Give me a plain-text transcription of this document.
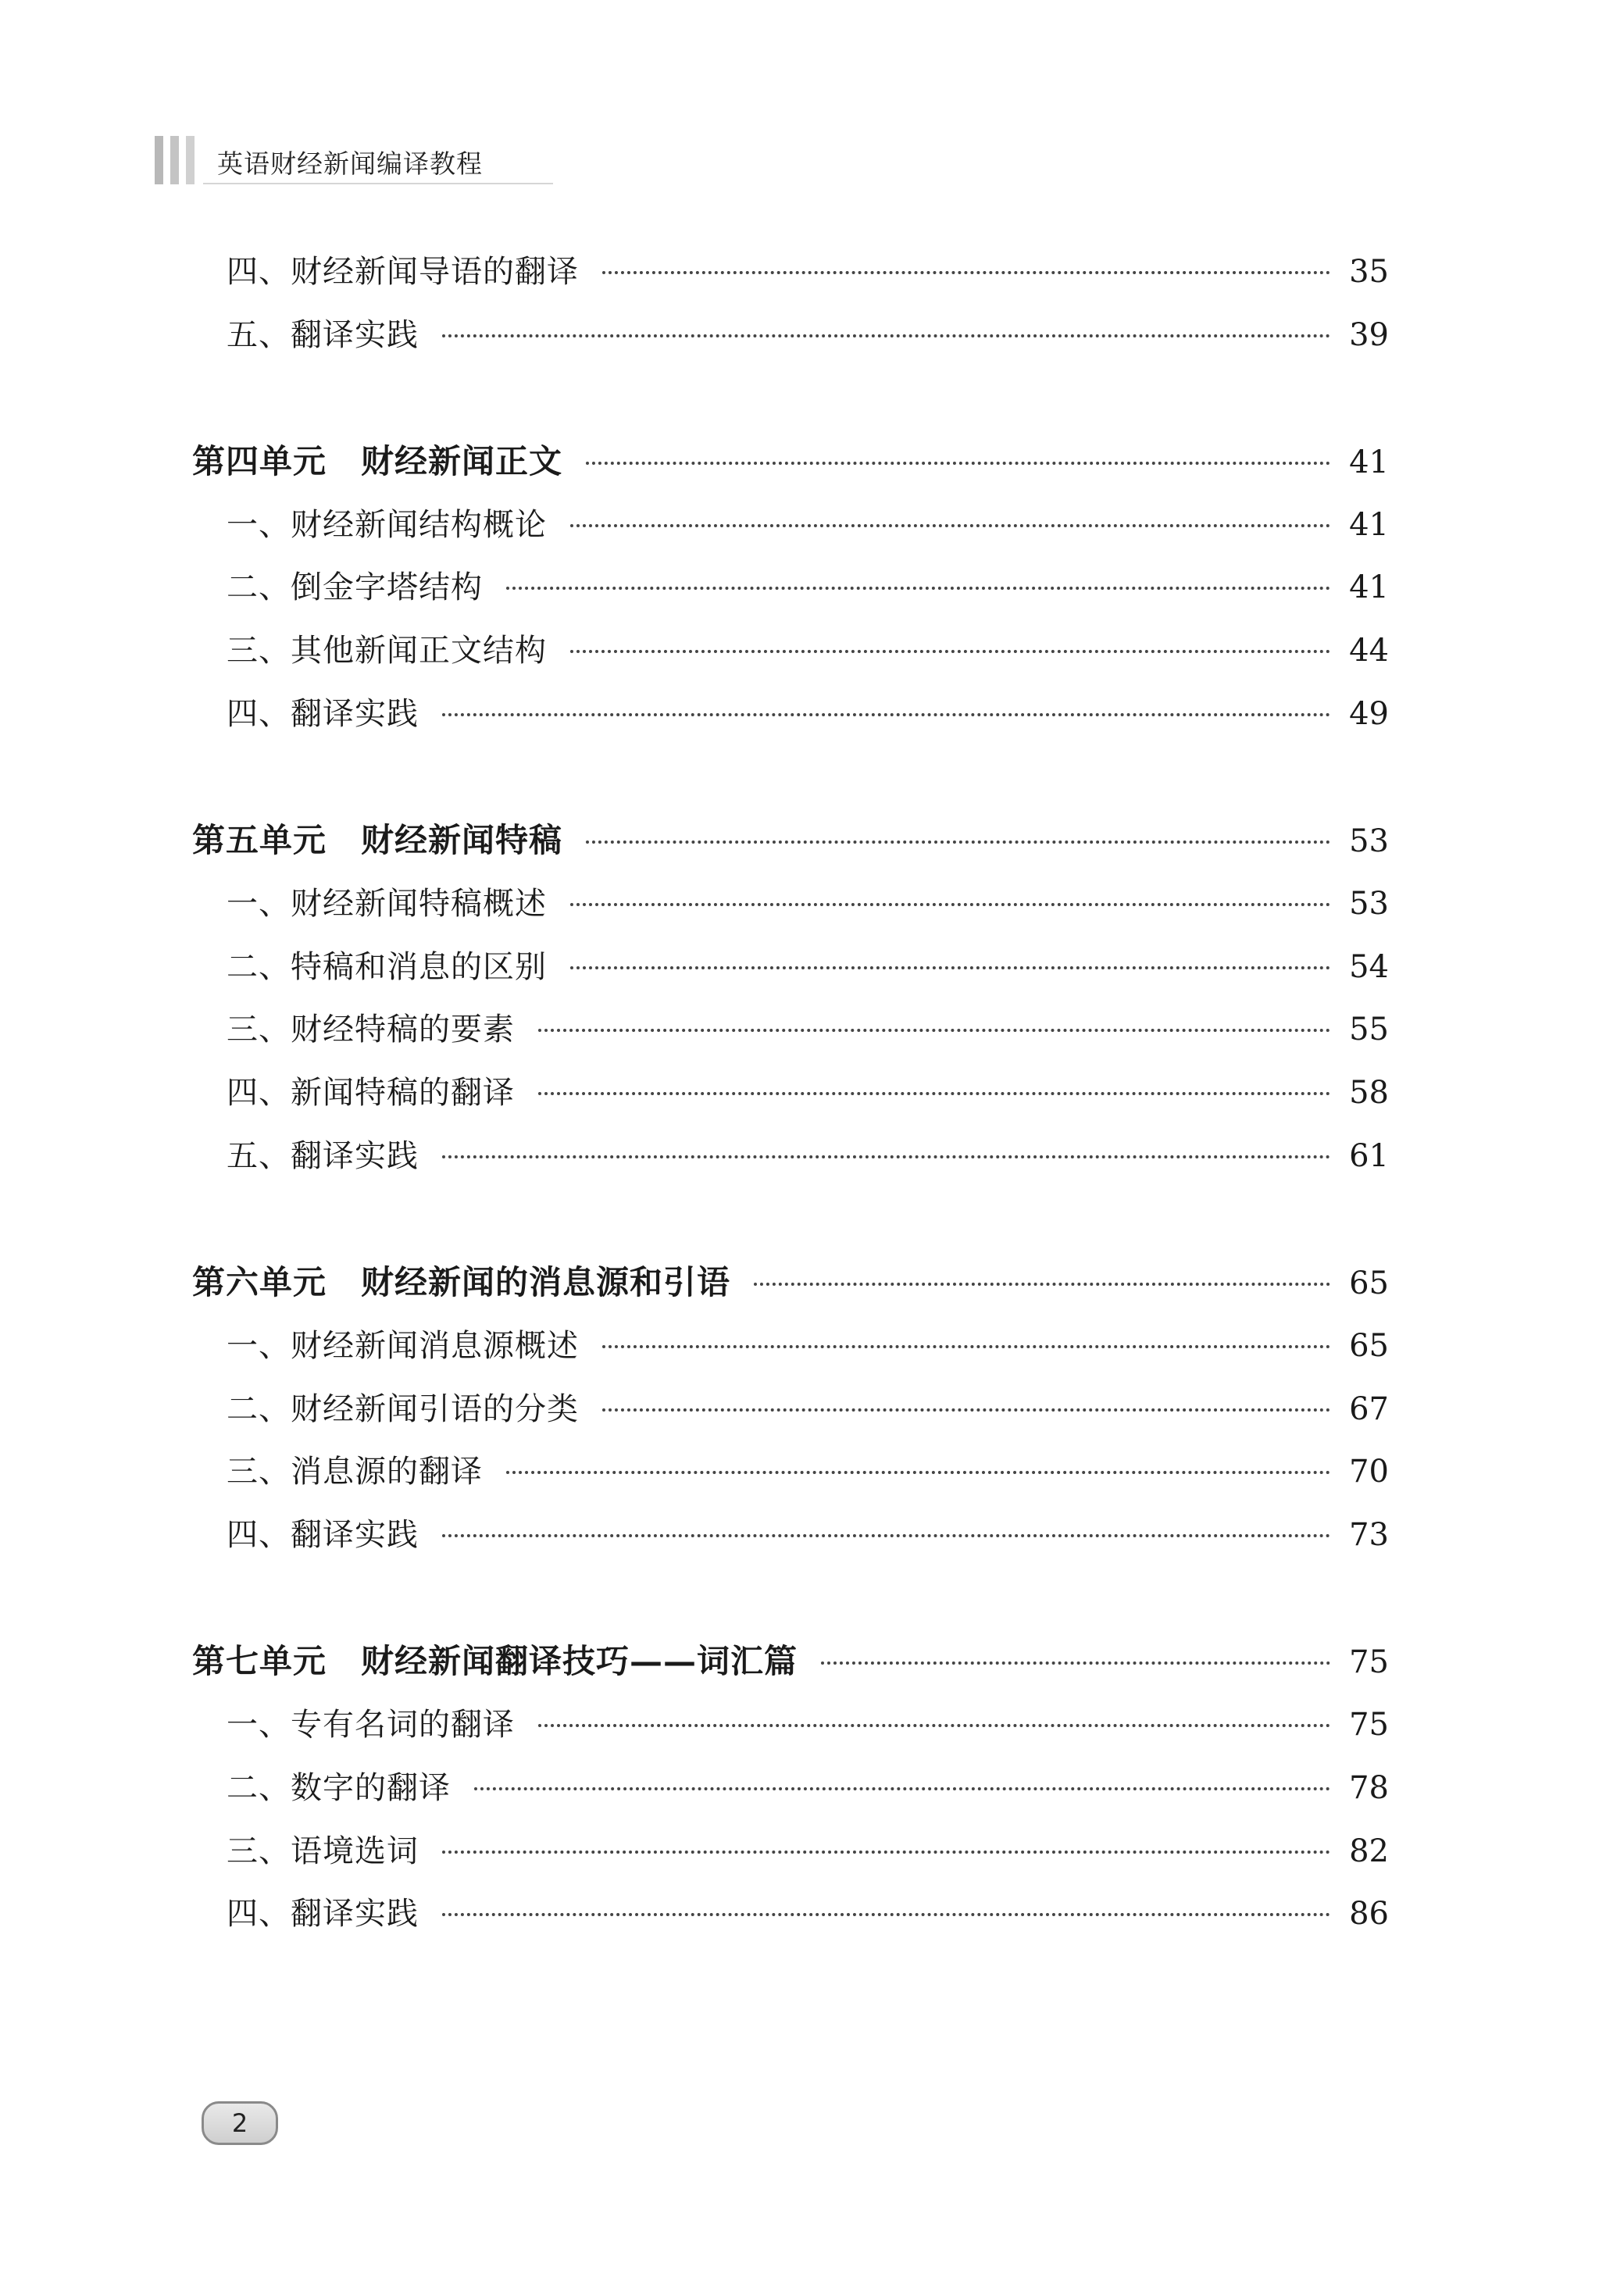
英语财经新闻编译教程
四、财经新闻导语的翻译	35
五、翻译实践	39
第四单元 财经新闻正文	41
一、财经新闻结构概论	41
二、倒金字塔结构	41
三、其他新闻正文结构	44
四、翻译实践	49
第五单元 财经新闻特稿	53
一、财经新闻特稿概述	53
二、特稿和消息的区别	54
三、财经特稿的要素	55
四、新闻特稿的翻译	58
五、翻译实践	61
第六单元 财经新闻的消息源和引语	65
一、财经新闻消息源概述	65
二、财经新闻引语的分类	67
三、消息源的翻译	70
四、翻译实践	73
第七单元 财经新闻翻译技巧——词汇篇	75
一、专有名词的翻译	75
二、数字的翻译	78
三、语境选词	82
四、翻译实践	86
2
